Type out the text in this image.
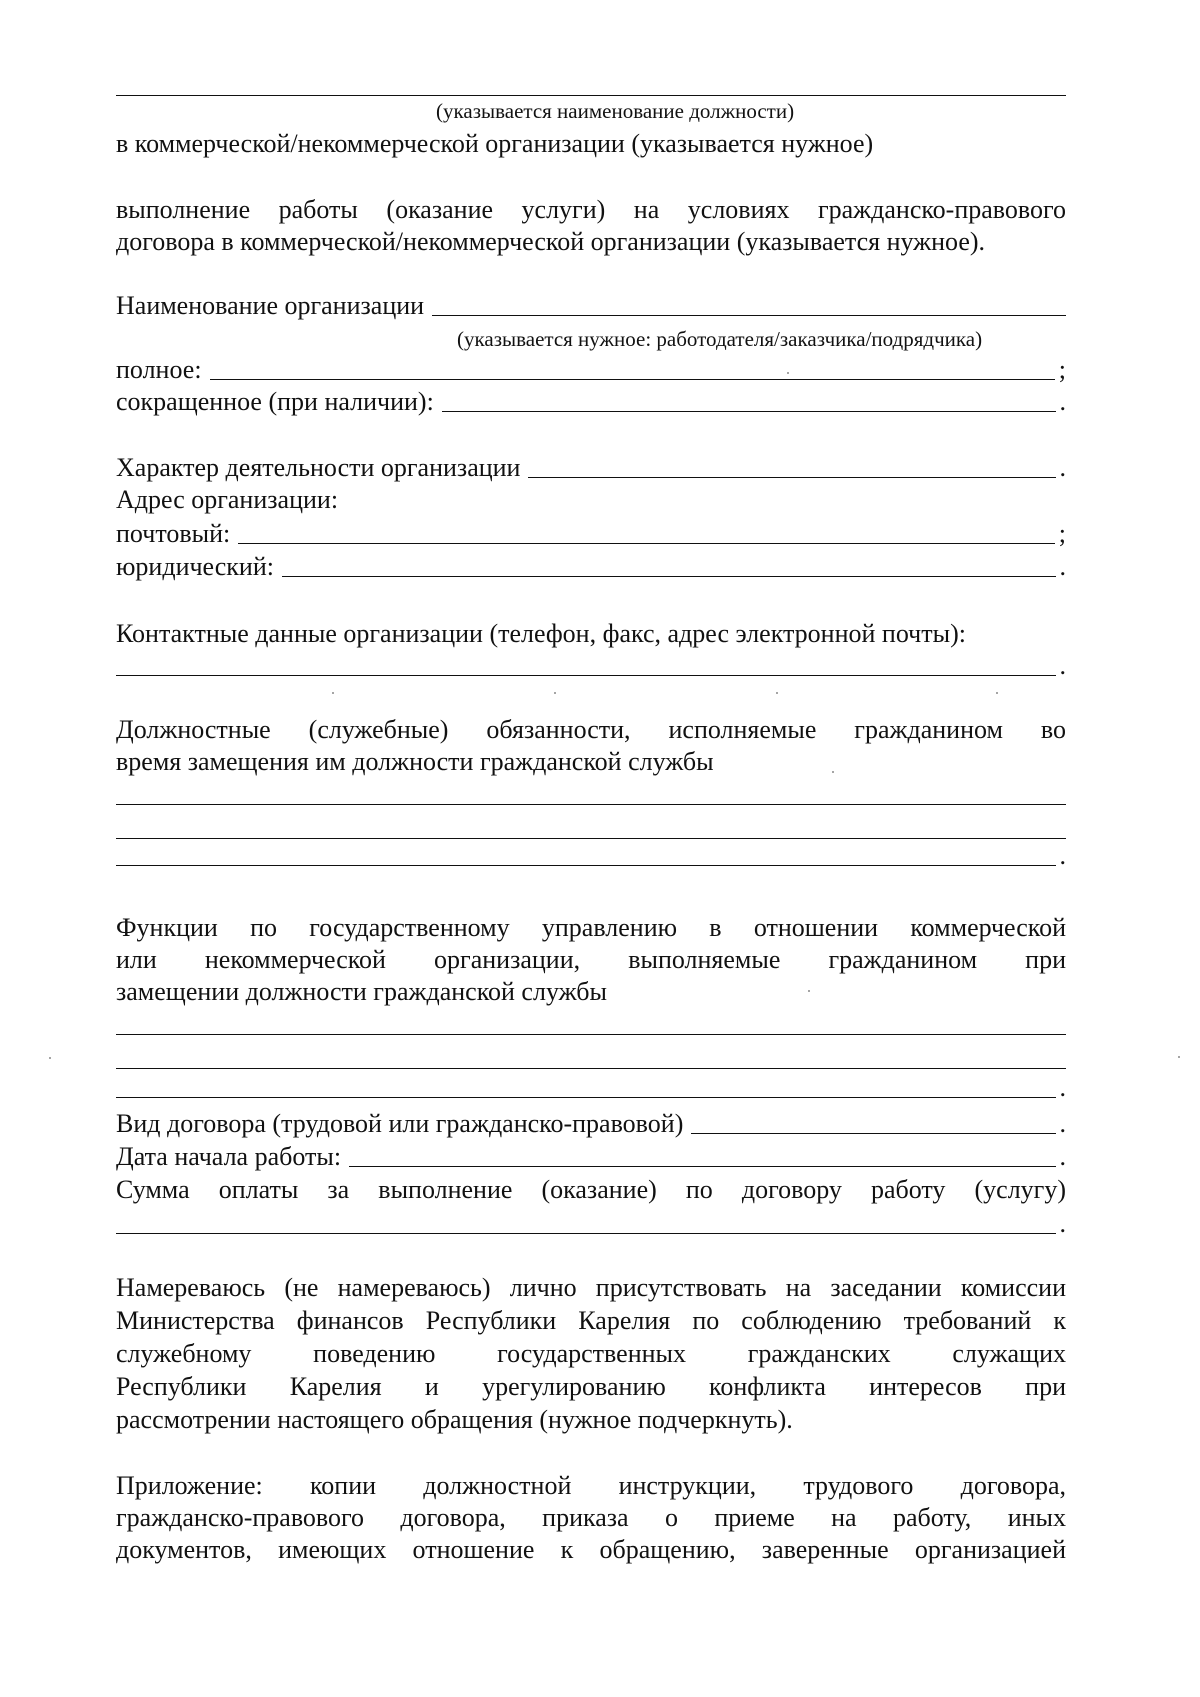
(указывается наименование должности)
в коммерческой/некоммерческой организации (указывается нужное)
выполнение работы (оказание услуги) на условиях гражданско-правового
договора в коммерческой/некоммерческой организации (указывается нужное).
Наименование организации
(указывается нужное: работодателя/заказчика/подрядчика)
полное:	;
сокращенное (при наличии):	.
Характер деятельности организации	.
Адрес организации:
почтовый:	;
юридический:	.
Контактные данные организации (телефон, факс, адрес электронной почты):
.
Должностные (служебные) обязанности, исполняемые гражданином во
время замещения им должности гражданской службы
.
Функции по государственному управлению в отношении коммерческой
или некоммерческой организации, выполняемые гражданином при
замещении должности гражданской службы
.
Вид договора (трудовой или гражданско-правовой)	.
Дата начала работы:	.
Сумма оплаты за выполнение (оказание) по договору работу (услугу)
.
Намереваюсь (не намереваюсь) лично присутствовать на заседании комиссии
Министерства финансов Республики Карелия по соблюдению требований к
служебному поведению государственных гражданских служащих
Республики Карелия и урегулированию конфликта интересов при
рассмотрении настоящего обращения (нужное подчеркнуть).
Приложение: копии должностной инструкции, трудового договора,
гражданско-правового договора, приказа о приеме на работу, иных
документов, имеющих отношение к обращению, заверенные организацией
